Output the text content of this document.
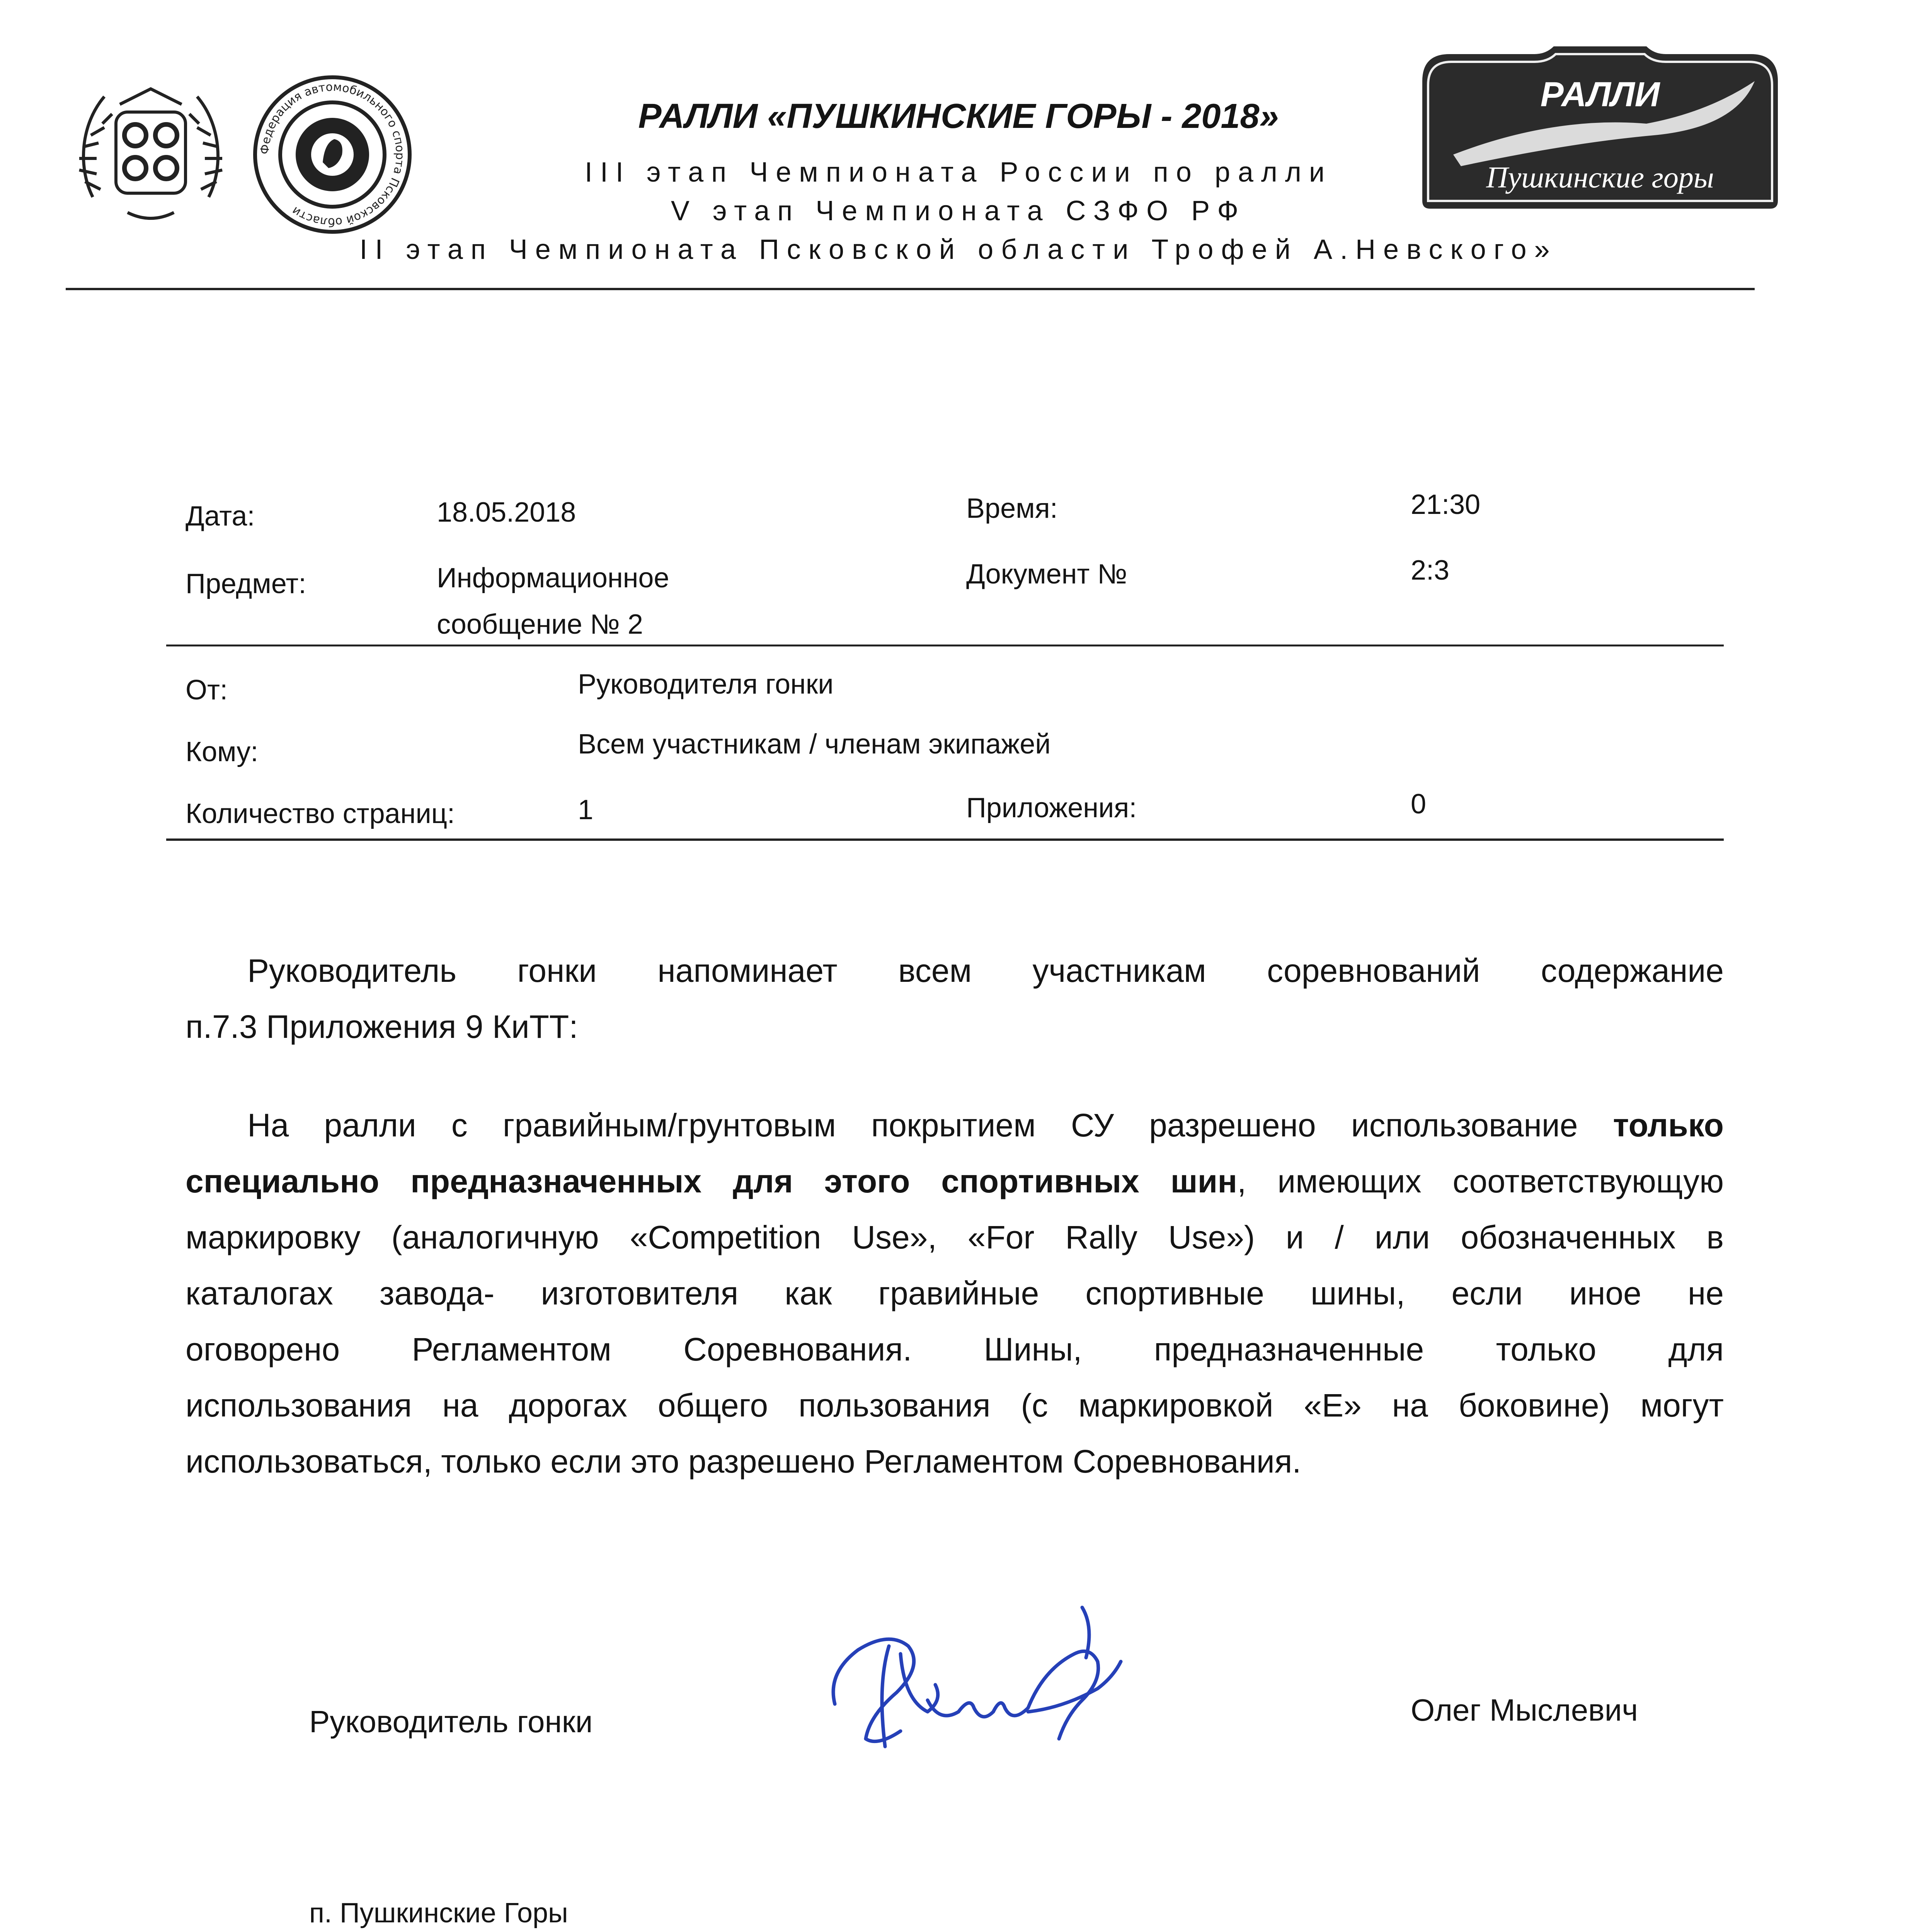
Федерация автомобильного спорта Псковской области
РАЛЛИ
Пушкинские горы
РАЛЛИ «ПУШКИНСКИЕ ГОРЫ - 2018»
III этап Чемпионата России по ралли
V этап Чемпионата СЗФО РФ
II этап Чемпионата Псковской области Трофей А.Невского»
Дата:	18.05.2018	Время:	21:30
Предмет:	Информационное
сообщение № 2
Документ №	2:3
От:	Руководителя гонки
Кому:	Всем участникам / членам экипажей
Количество страниц:	1	Приложения:	0
Руководитель гонки напоминает всем участникам соревнований содержание
п.7.3 Приложения 9 КиТТ:
На ралли с гравийным/грунтовым покрытием СУ разрешено использование только
специально предназначенных для этого спортивных шин, имеющих соответствующую
маркировку (аналогичную «Competition Use», «For Rally Use») и / или обозначенных в
каталогах завода- изготовителя как гравийные спортивные шины, если иное не
оговорено Регламентом Соревнования. Шины, предназначенные только для
использования на дорогах общего пользования (с маркировкой «E» на боковине) могут
использоваться, только если это разрешено Регламентом Соревнования.
Руководитель гонки	Олег Мыслевич
п. Пушкинские Горы
